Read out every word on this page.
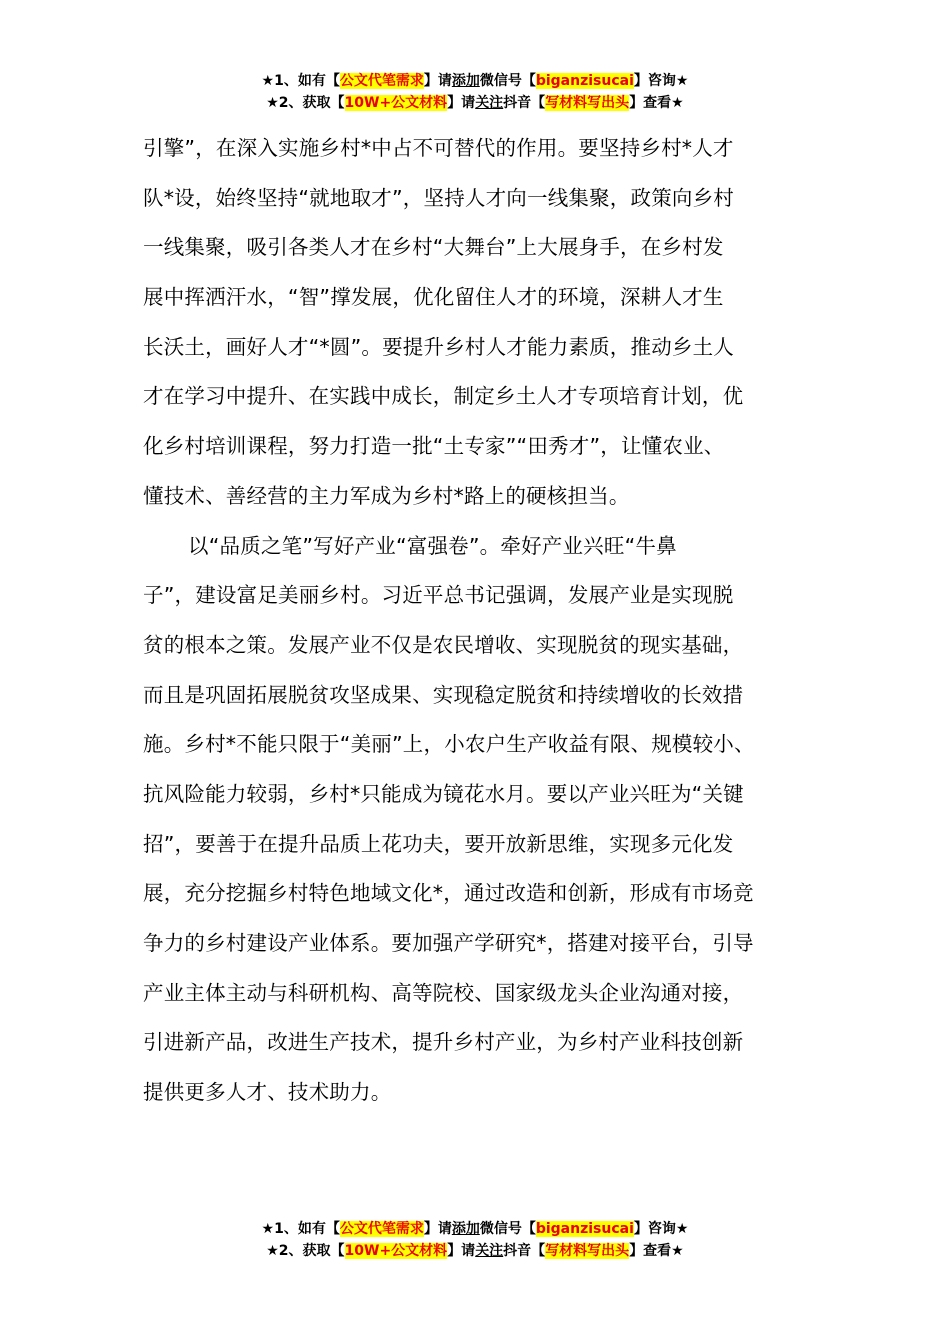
★1、如有【公文代笔需求】请添加微信号【biganzisucai】咨询★
★2、获取【10W+公文材料】请关注抖音【写材料写出头】查看★

引擎”，在深入实施乡村*中占不可替代的作用。要坚持乡村*人才
队*设，始终坚持“就地取才”，坚持人才向一线集聚，政策向乡村
一线集聚，吸引各类人才在乡村“大舞台”上大展身手，在乡村发
展中挥洒汗水，“智”撑发展，优化留住人才的环境，深耕人才生
长沃土，画好人才“*圆”。要提升乡村人才能力素质，推动乡土人
才在学习中提升、在实践中成长，制定乡土人才专项培育计划，优
化乡村培训课程，努力打造一批“土专家”“田秀才”，让懂农业、
懂技术、善经营的主力军成为乡村*路上的硬核担当。

以“品质之笔”写好产业“富强卷”。牵好产业兴旺“牛鼻
子”，建设富足美丽乡村。习近平总书记强调，发展产业是实现脱
贫的根本之策。发展产业不仅是农民增收、实现脱贫的现实基础，
而且是巩固拓展脱贫攻坚成果、实现稳定脱贫和持续增收的长效措
施。乡村*不能只限于“美丽”上，小农户生产收益有限、规模较小、
抗风险能力较弱，乡村*只能成为镜花水月。要以产业兴旺为“关键
招”，要善于在提升品质上花功夫，要开放新思维，实现多元化发
展，充分挖掘乡村特色地域文化*，通过改造和创新，形成有市场竞
争力的乡村建设产业体系。要加强产学研究*，搭建对接平台，引导
产业主体主动与科研机构、高等院校、国家级龙头企业沟通对接，
引进新产品，改进生产技术，提升乡村产业，为乡村产业科技创新
提供更多人才、技术助力。

★1、如有【公文代笔需求】请添加微信号【biganzisucai】咨询★
★2、获取【10W+公文材料】请关注抖音【写材料写出头】查看★
